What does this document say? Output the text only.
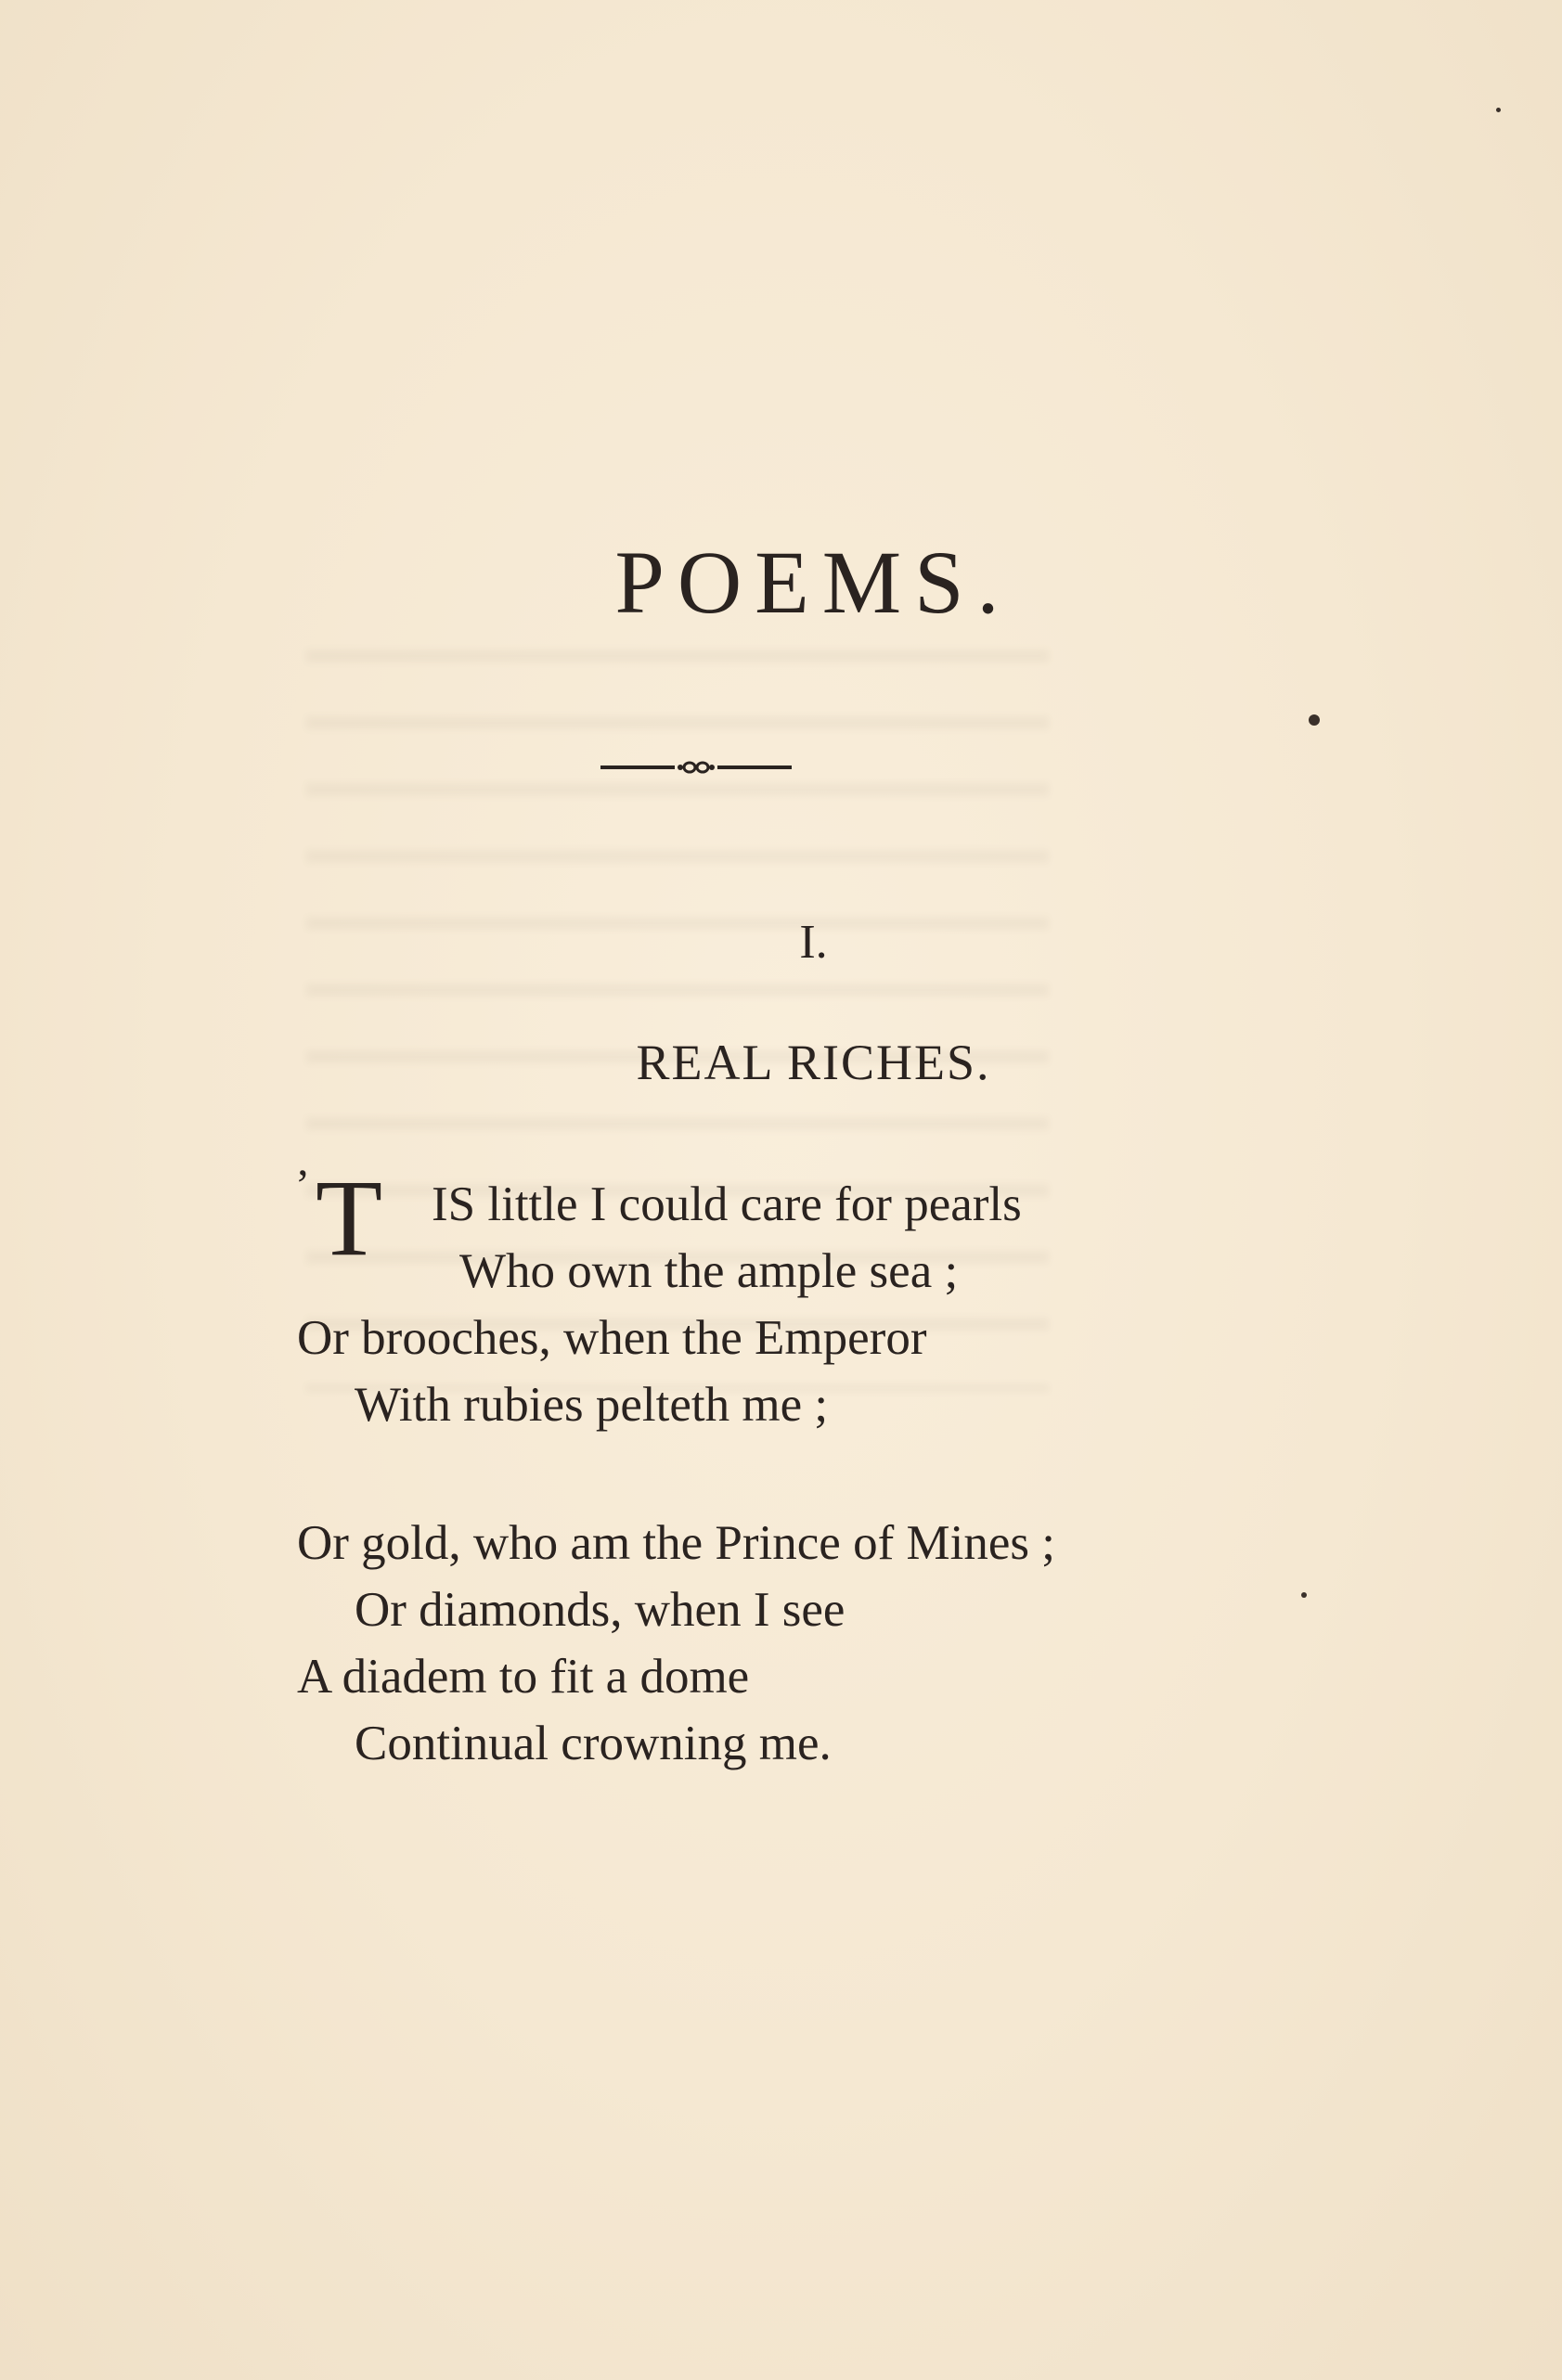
POEMS.
I.
REAL RICHES.
’ T IS little I could care for pearls
Who own the ample sea ;
Or brooches, when the Emperor
With rubies pelteth me ;
Or gold, who am the Prince of Mines ;
Or diamonds, when I see
A diadem to fit a dome
Continual crowning me.
